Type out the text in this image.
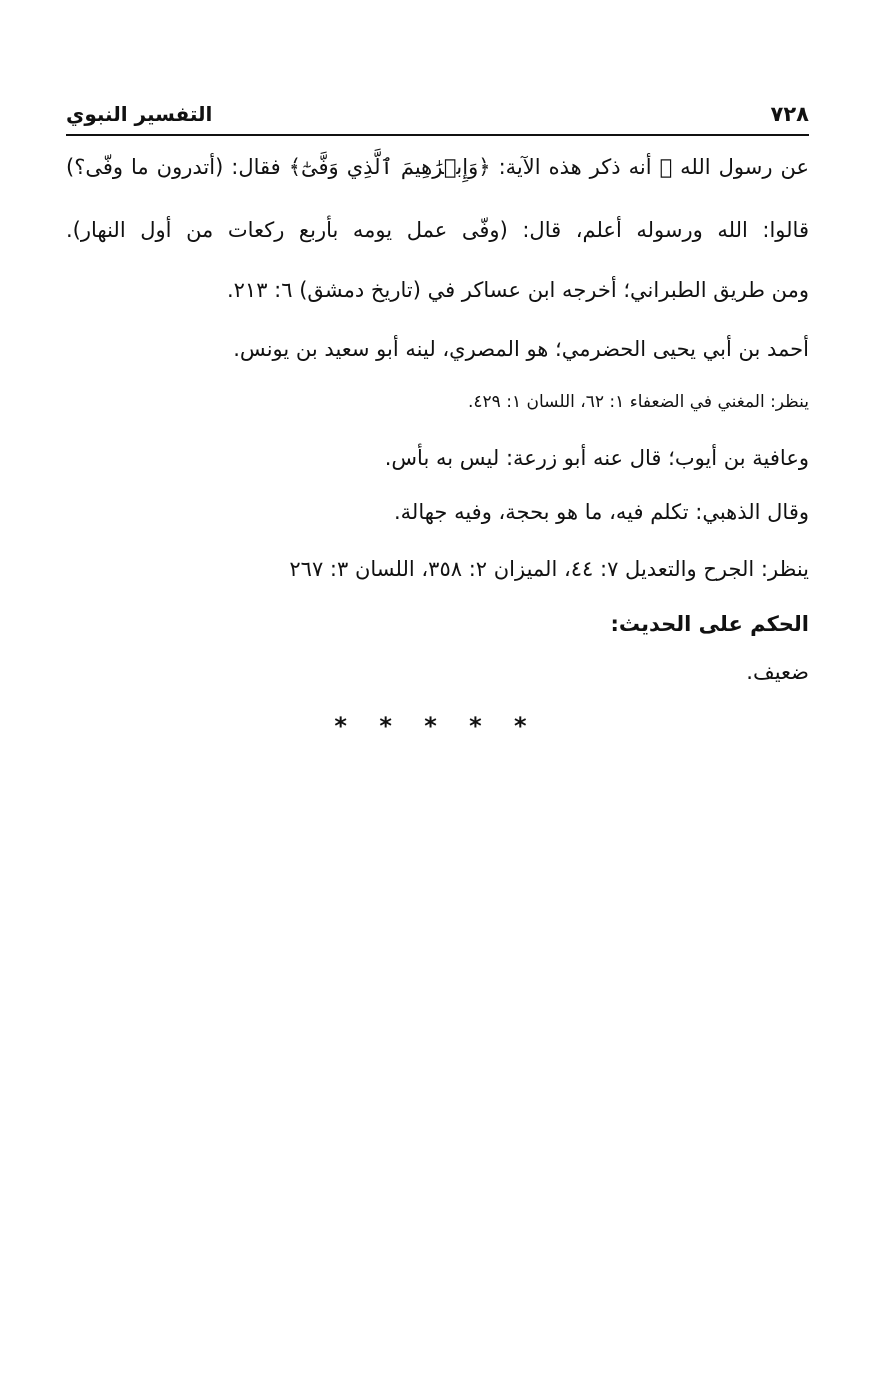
٧٢٨
التفسير النبوي
عن رسول الله ﷺ أنه ذكر هذه الآية: ﴿وَإِبۡرَٰهِيمَ ٱلَّذِي وَفَّىٰٓ﴾ فقال: (أتدرون ما وفّى؟)
قالوا: الله ورسوله أعلم، قال: (وفّى عمل يومه بأربع ركعات من أول النهار).
ومن طريق الطبراني؛ أخرجه ابن عساكر في (تاريخ دمشق) ٦: ٢١٣.
أحمد بن أبي يحيى الحضرمي؛ هو المصري، لينه أبو سعيد بن يونس.
ينظر: المغني في الضعفاء ١: ٦٢، اللسان ١: ٤٢٩.
وعافية بن أيوب؛ قال عنه أبو زرعة: ليس به بأس.
وقال الذهبي: تكلم فيه، ما هو بحجة، وفيه جهالة.
ينظر: الجرح والتعديل ٧: ٤٤، الميزان ٢: ٣٥٨، اللسان ٣: ٢٦٧
الحكم على الحديث:
ضعيف.
* * * * *
